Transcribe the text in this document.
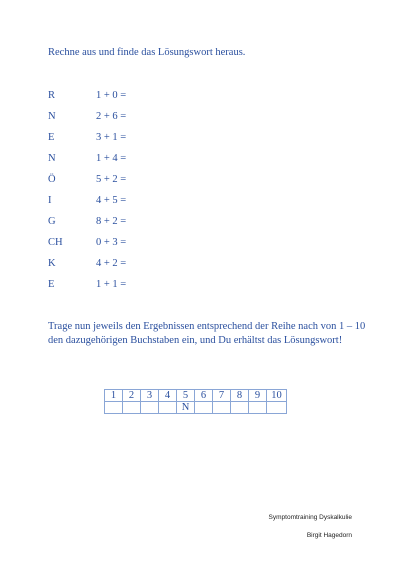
Rechne aus und finde das Lösungswort heraus.
R	1 + 0 =
N	2 + 6 =
E	3 + 1 =
N	1 + 4 =
Ö	5 + 2 =
I	4 + 5 =
G	8 + 2 =
CH	0 + 3 =
K	4 + 2 =
E	1 + 1 =
Trage nun jeweils den Ergebnissen entsprechend der Reihe nach von 1 – 10 den dazugehörigen Buchstaben ein, und Du erhältst das Lösungswort!
1	2	3	4	5	6	7	8	9	10
				N					
Symptomtraining Dyskalkulie
Birgit Hagedorn
